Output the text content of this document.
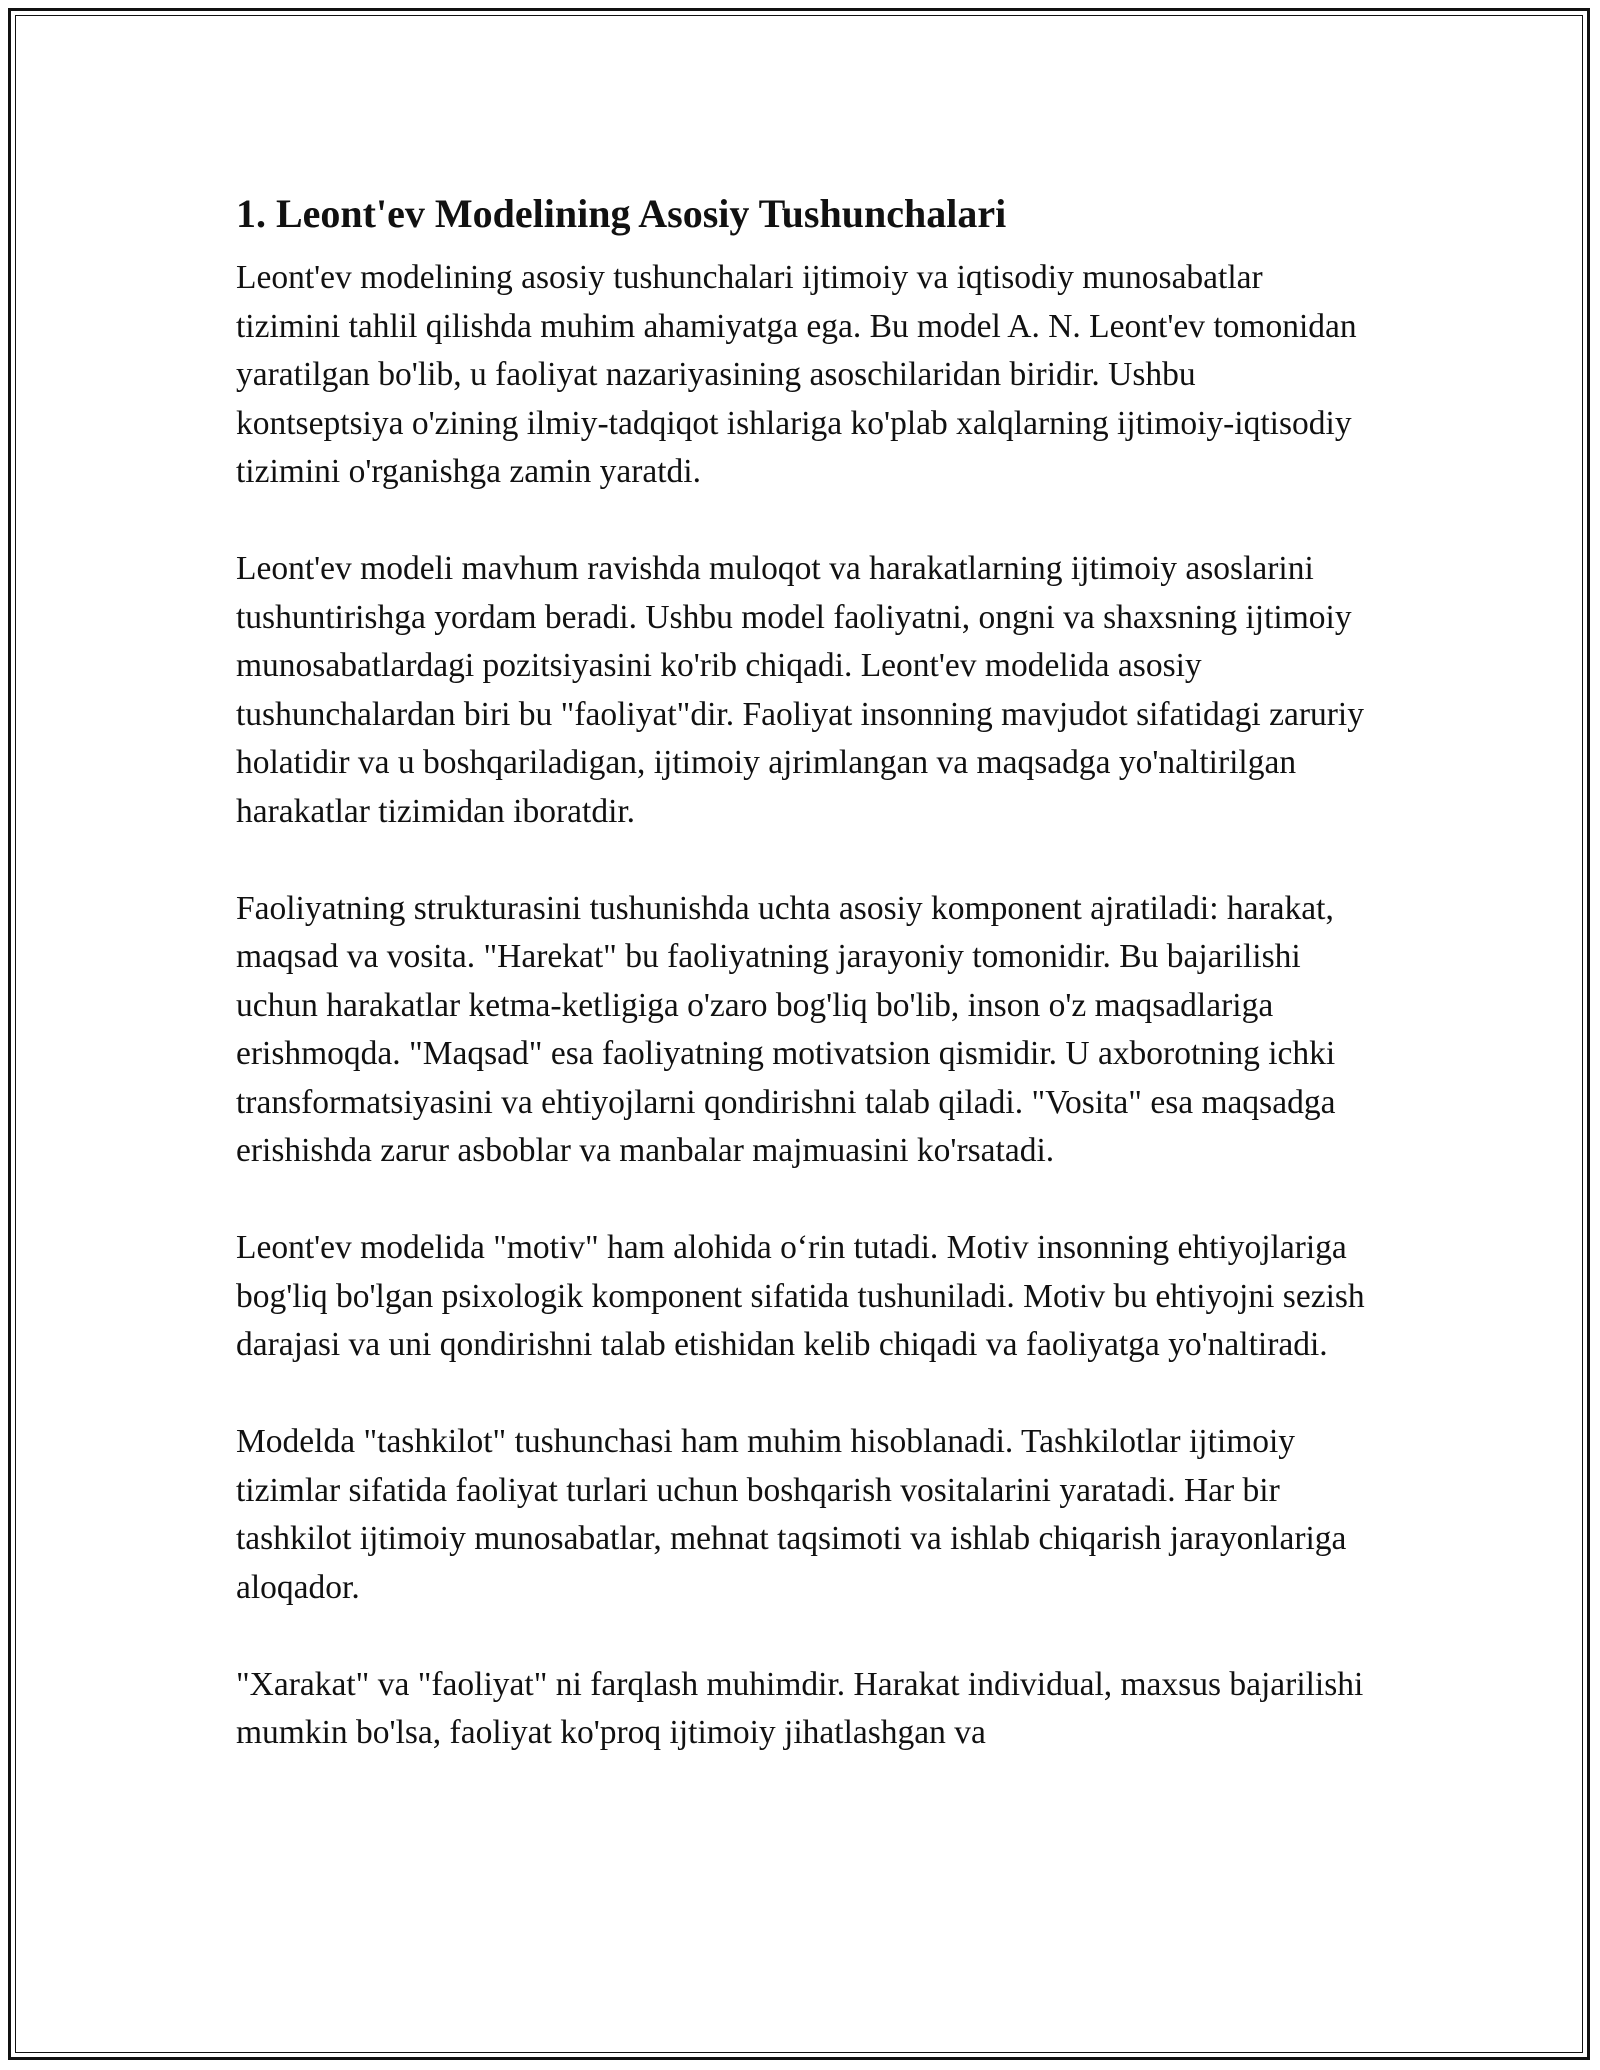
1. Leont'ev Modelining Asosiy Tushunchalari

Leont'ev modelining asosiy tushunchalari ijtimoiy va iqtisodiy munosabatlar tizimini tahlil qilishda muhim ahamiyatga ega. Bu model A. N. Leont'ev tomonidan yaratilgan bo'lib, u faoliyat nazariyasining asoschilaridan biridir. Ushbu kontseptsiya o'zining ilmiy-tadqiqot ishlariga ko'plab xalqlarning ijtimoiy-iqtisodiy tizimini o'rganishga zamin yaratdi.

Leont'ev modeli mavhum ravishda muloqot va harakatlarning ijtimoiy asoslarini tushuntirishga yordam beradi. Ushbu model faoliyatni, ongni va shaxsning ijtimoiy munosabatlardagi pozitsiyasini ko'rib chiqadi. Leont'ev modelida asosiy tushunchalardan biri bu "faoliyat"dir. Faoliyat insonning mavjudot sifatidagi zaruriy holatidir va u boshqariladigan, ijtimoiy ajrimlangan va maqsadga yo'naltirilgan harakatlar tizimidan iboratdir.

Faoliyatning strukturasini tushunishda uchta asosiy komponent ajratiladi: harakat, maqsad va vosita. "Harekat" bu faoliyatning jarayoniy tomonidir. Bu bajarilishi uchun harakatlar ketma-ketligiga o'zaro bog'liq bo'lib, inson o'z maqsadlariga erishmoqda. "Maqsad" esa faoliyatning motivatsion qismidir. U axborotning ichki transformatsiyasini va ehtiyojlarni qondirishni talab qiladi. "Vosita" esa maqsadga erishishda zarur asboblar va manbalar majmuasini ko'rsatadi.

Leont'ev modelida "motiv" ham alohida o‘rin tutadi. Motiv insonning ehtiyojlariga bog'liq bo'lgan psixologik komponent sifatida tushuniladi. Motiv bu ehtiyojni sezish darajasi va uni qondirishni talab etishidan kelib chiqadi va faoliyatga yo'naltiradi.

Modelda "tashkilot" tushunchasi ham muhim hisoblanadi. Tashkilotlar ijtimoiy tizimlar sifatida faoliyat turlari uchun boshqarish vositalarini yaratadi. Har bir tashkilot ijtimoiy munosabatlar, mehnat taqsimoti va ishlab chiqarish jarayonlariga aloqador.

"Xarakat" va "faoliyat" ni farqlash muhimdir. Harakat individual, maxsus bajarilishi mumkin bo'lsa, faoliyat ko'proq ijtimoiy jihatlashgan va
